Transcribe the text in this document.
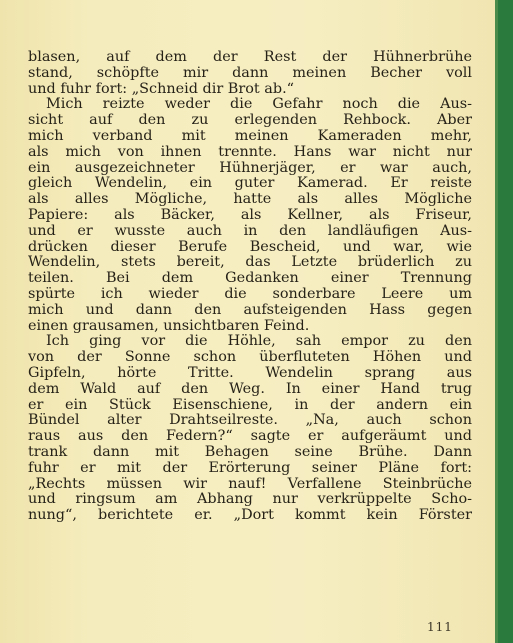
blasen, auf dem der Rest der Hühnerbrühe
stand, schöpfte mir dann meinen Becher voll
und fuhr fort: „Schneid dir Brot ab.“
Mich reizte weder die Gefahr noch die Aus-
sicht auf den zu erlegenden Rehbock. Aber
mich verband mit meinen Kameraden mehr,
als mich von ihnen trennte. Hans war nicht nur
ein ausgezeichneter Hühnerjäger, er war auch,
gleich Wendelin, ein guter Kamerad. Er reiste
als alles Mögliche, hatte als alles Mögliche
Papiere: als Bäcker, als Kellner, als Friseur,
und er wusste auch in den landläufigen Aus-
drücken dieser Berufe Bescheid, und war, wie
Wendelin, stets bereit, das Letzte brüderlich zu
teilen. Bei dem Gedanken einer Trennung
spürte ich wieder die sonderbare Leere um
mich und dann den aufsteigenden Hass gegen
einen grausamen, unsichtbaren Feind.
Ich ging vor die Höhle, sah empor zu den
von der Sonne schon überfluteten Höhen und
Gipfeln, hörte Tritte. Wendelin sprang aus
dem Wald auf den Weg. In einer Hand trug
er ein Stück Eisenschiene, in der andern ein
Bündel alter Drahtseilreste. „Na, auch schon
raus aus den Federn?“ sagte er aufgeräumt und
trank dann mit Behagen seine Brühe. Dann
fuhr er mit der Erörterung seiner Pläne fort:
„Rechts müssen wir nauf! Verfallene Steinbrüche
und ringsum am Abhang nur verkrüppelte Scho-
nung“, berichtete er. „Dort kommt kein Förster
111
